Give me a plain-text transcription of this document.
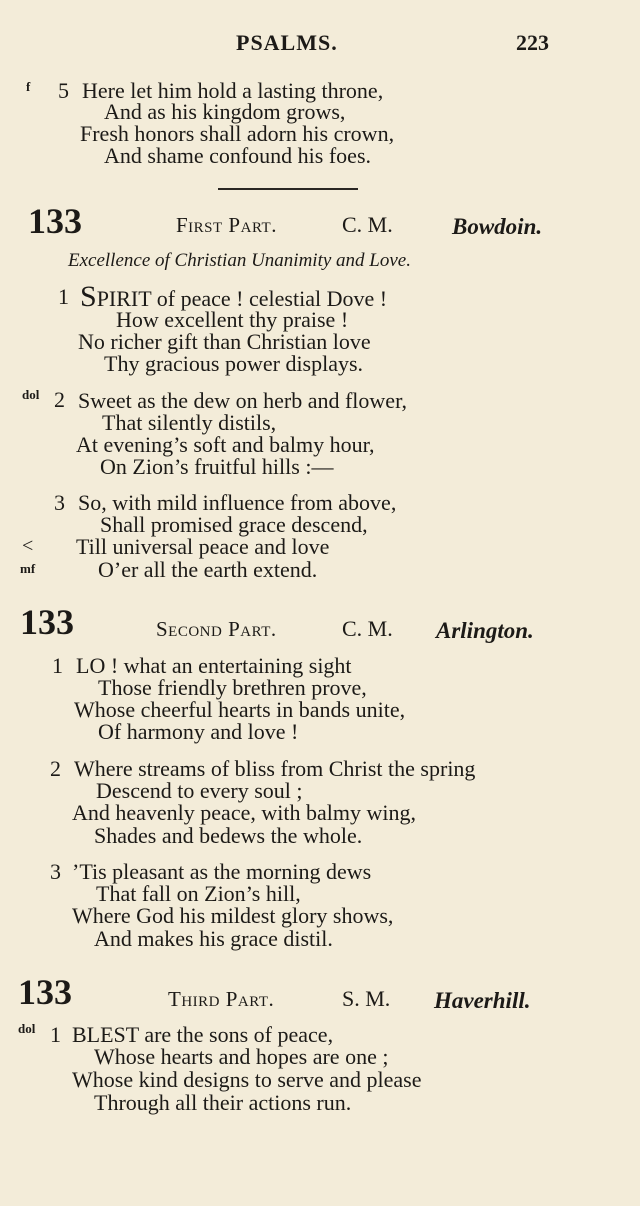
PSALMS.	223
f 5 Here let him hold a lasting throne,
And as his kingdom grows,
Fresh honors shall adorn his crown,
And shame confound his foes.
133	First Part.	C. M.	Bowdoin.
Excellence of Christian Unanimity and Love.
1 SPIRIT of peace ! celestial Dove !
How excellent thy praise !
No richer gift than Christian love
Thy gracious power displays.
dol 2 Sweet as the dew on herb and flower,
That silently distils,
At evening’s soft and balmy hour,
On Zion’s fruitful hills :—
3 So, with mild influence from above,
Shall promised grace descend,
< Till universal peace and love
mf	O’er all the earth extend.
133	Second Part.	C. M. Arlington.
1 LO ! what an entertaining sight
Those friendly brethren prove,
Whose cheerful hearts in bands unite,
Of harmony and love !
2 Where streams of bliss from Christ the spring
Descend to every soul ;
And heavenly peace, with balmy wing,
Shades and bedews the whole.
3 ’Tis pleasant as the morning dews
That fall on Zion’s hill,
Where God his mildest glory shows,
And makes his grace distil.
133	Third Part.	S. M. Haverhill.
dol 1 BLEST are the sons of peace,
Whose hearts and hopes are one ;
Whose kind designs to serve and please
Through all their actions run.
